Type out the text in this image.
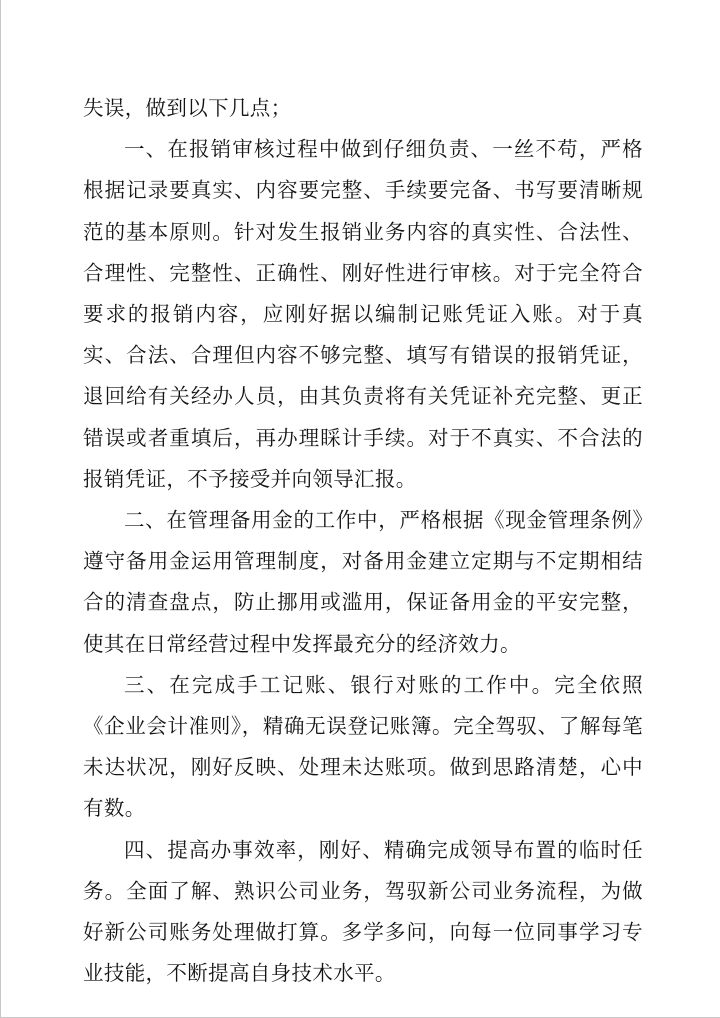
失误，做到以下几点；

一、在报销审核过程中做到仔细负责、一丝不苟，严格根据记录要真实、内容要完整、手续要完备、书写要清晰规范的基本原则。针对发生报销业务内容的真实性、合法性、合理性、完整性、正确性、刚好性进行审核。对于完全符合要求的报销内容，应刚好据以编制记账凭证入账。对于真实、合法、合理但内容不够完整、填写有错误的报销凭证，退回给有关经办人员，由其负责将有关凭证补充完整、更正错误或者重填后，再办理睬计手续。对于不真实、不合法的报销凭证，不予接受并向领导汇报。

二、在管理备用金的工作中，严格根据《现金管理条例》遵守备用金运用管理制度，对备用金建立定期与不定期相结合的清查盘点，防止挪用或滥用，保证备用金的平安完整，使其在日常经营过程中发挥最充分的经济效力。

三、在完成手工记账、银行对账的工作中。完全依照《企业会计准则》，精确无误登记账簿。完全驾驭、了解每笔未达状况，刚好反映、处理未达账项。做到思路清楚，心中有数。

四、提高办事效率，刚好、精确完成领导布置的临时任务。全面了解、熟识公司业务，驾驭新公司业务流程，为做好新公司账务处理做打算。多学多问，向每一位同事学习专业技能，不断提高自身技术水平。
